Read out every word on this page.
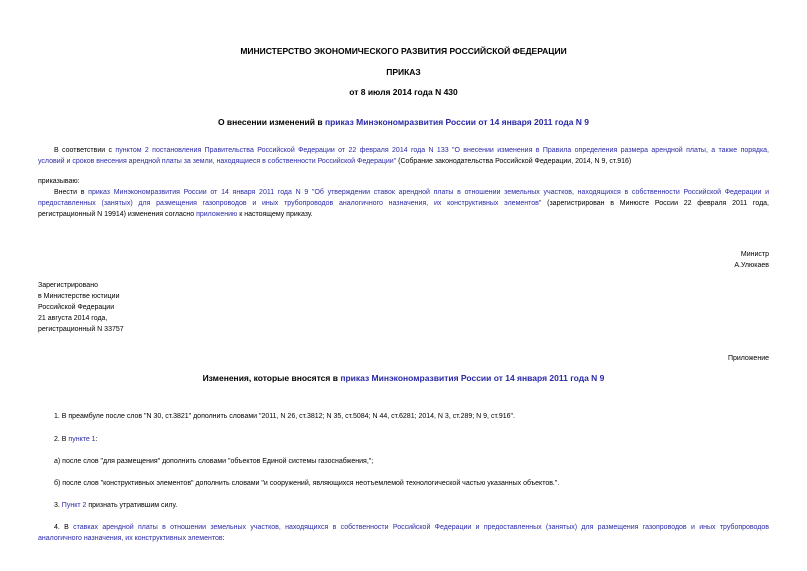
МИНИСТЕРСТВО ЭКОНОМИЧЕСКОГО РАЗВИТИЯ РОССИЙСКОЙ ФЕДЕРАЦИИ
ПРИКАЗ
от 8 июля 2014 года N 430
О внесении изменений в приказ Минэкономразвития России от 14 января 2011 года N 9
В соответствии с пунктом 2 постановления Правительства Российской Федерации от 22 февраля 2014 года N 133 "О внесении изменения в Правила определения размера арендной платы, а также порядка,
условий и сроков внесения арендной платы за земли, находящиеся в собственности Российской Федерации" (Собрание законодательства Российской Федерации, 2014, N 9, ст.916)
приказываю:
Внести в приказ Минэкономразвития России от 14 января 2011 года N 9 "Об утверждении ставок арендной платы в отношении земельных участков, находящихся в собственности Российской Федерации и
предоставленных (занятых) для размещения газопроводов и иных трубопроводов аналогичного назначения, их конструктивных элементов" (зарегистрирован в Минюсте России 22 февраля 2011 года,
регистрационный N 19914) изменения согласно приложению к настоящему приказу.
Министр
А.Улюкаев
Зарегистрировано
в Министерстве юстиции
Российской Федерации
21 августа 2014 года,
регистрационный N 33757
Приложение
Изменения, которые вносятся в приказ Минэкономразвития России от 14 января 2011 года N 9
1. В преамбуле после слов "N 30, ст.3821" дополнить словами "2011, N 26, ст.3812; N 35, ст.5084; N 44, ст.6281; 2014, N 3, ст.289; N 9, ст.916".
2. В пункте 1:
а) после слов "для размещения" дополнить словами "объектов Единой системы газоснабжения,";
б) после слов "конструктивных элементов" дополнить словами "и сооружений, являющихся неотъемлемой технологической частью указанных объектов.".
3. Пункт 2 признать утратившим силу.
4. В ставках арендной платы в отношении земельных участков, находящихся в собственности Российской Федерации и предоставленных (занятых) для размещения газопроводов и иных трубопроводов
аналогичного назначения, их конструктивных элементов:
